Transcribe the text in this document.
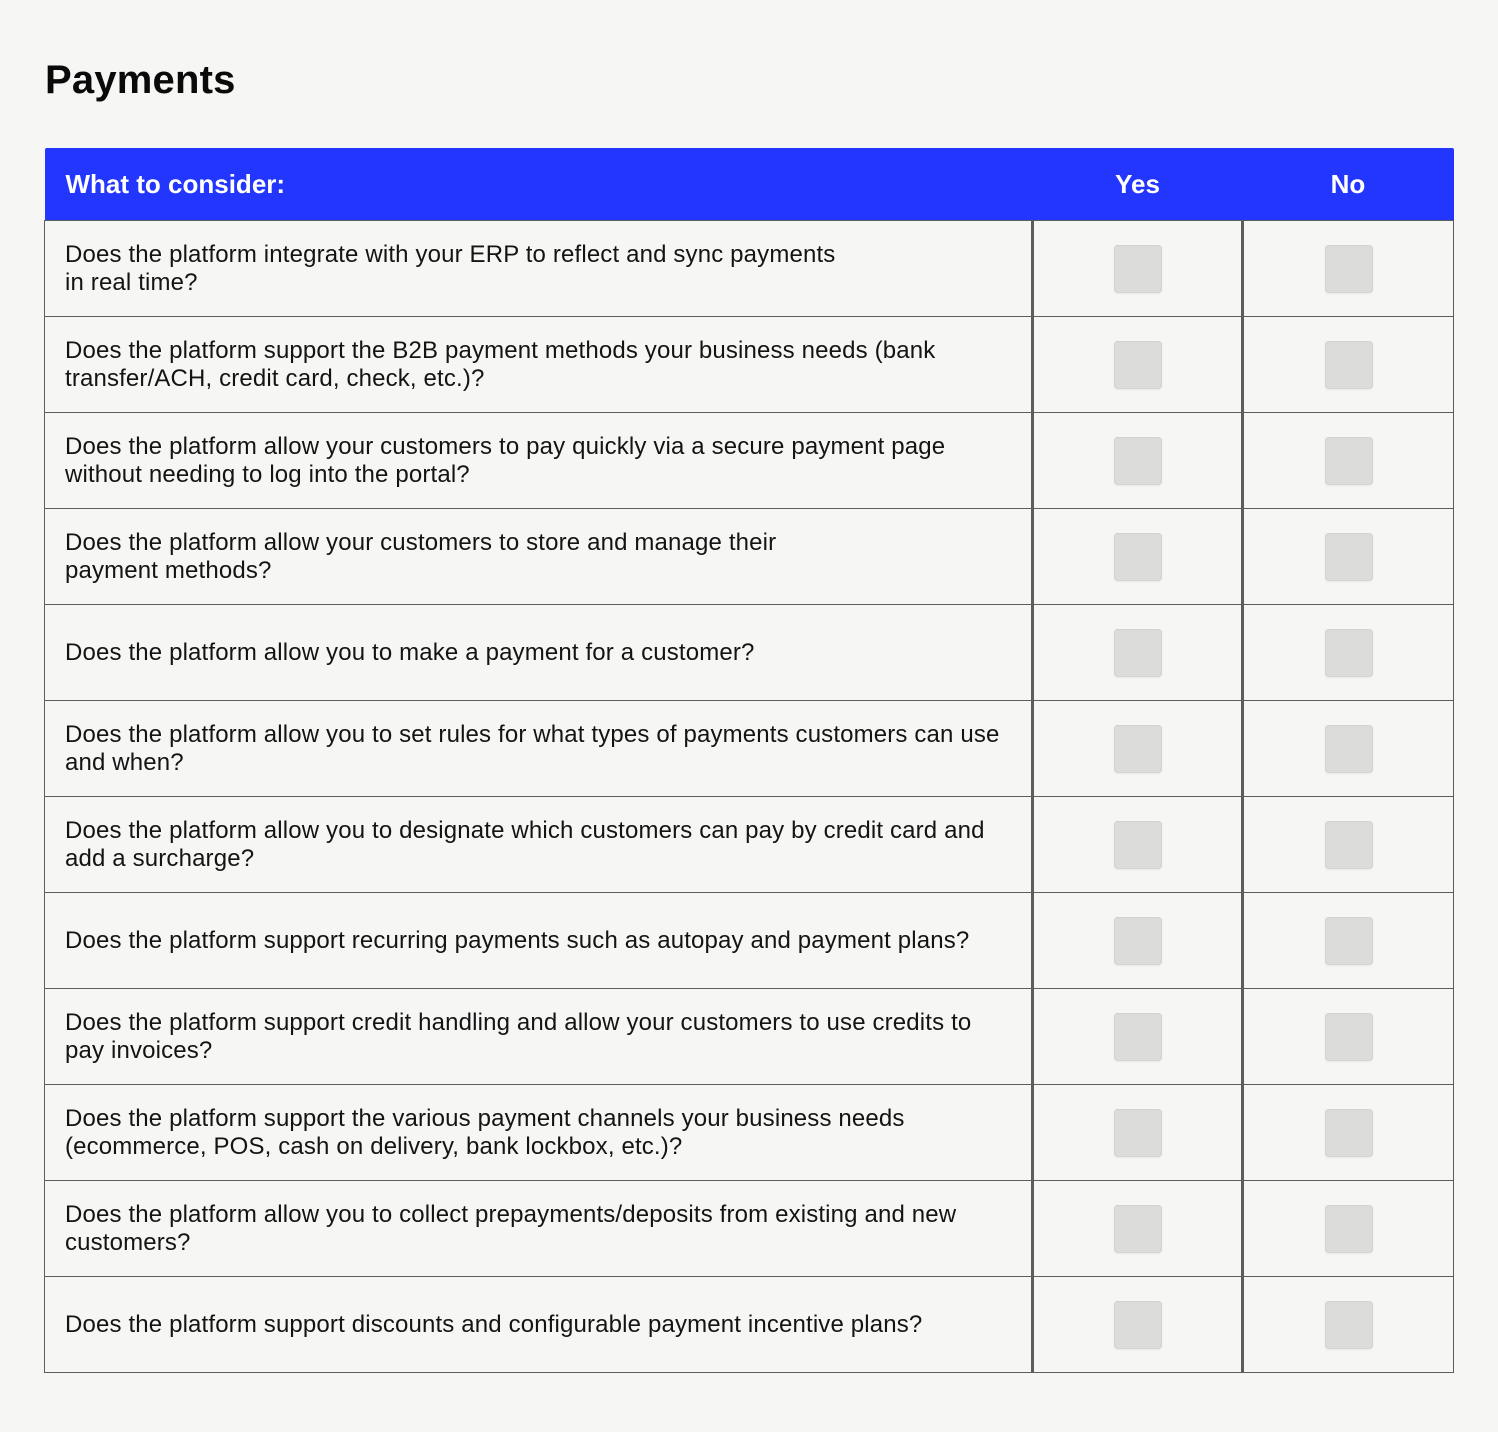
Payments
What to consider:	Yes	No

Does the platform integrate with your ERP to reflect and sync payments
in real time?		

Does the platform support the B2B payment methods your business needs (bank transfer/ACH, credit card, check, etc.)?		

Does the platform allow your customers to pay quickly via a secure payment page without needing to log into the portal?		

Does the platform allow your customers to store and manage their
payment methods?		

Does the platform allow you to make a payment for a customer?		

Does the platform allow you to set rules for what types of payments customers can use and when?		

Does the platform allow you to designate which customers can pay by credit card and add a surcharge?		

Does the platform support recurring payments such as autopay and payment plans?		

Does the platform support credit handling and allow your customers to use credits to pay invoices?		

Does the platform support the various payment channels your business needs (ecommerce, POS, cash on delivery, bank lockbox, etc.)?		

Does the platform allow you to collect prepayments/deposits from existing and new customers?		

Does the platform support discounts and configurable payment incentive plans?		
